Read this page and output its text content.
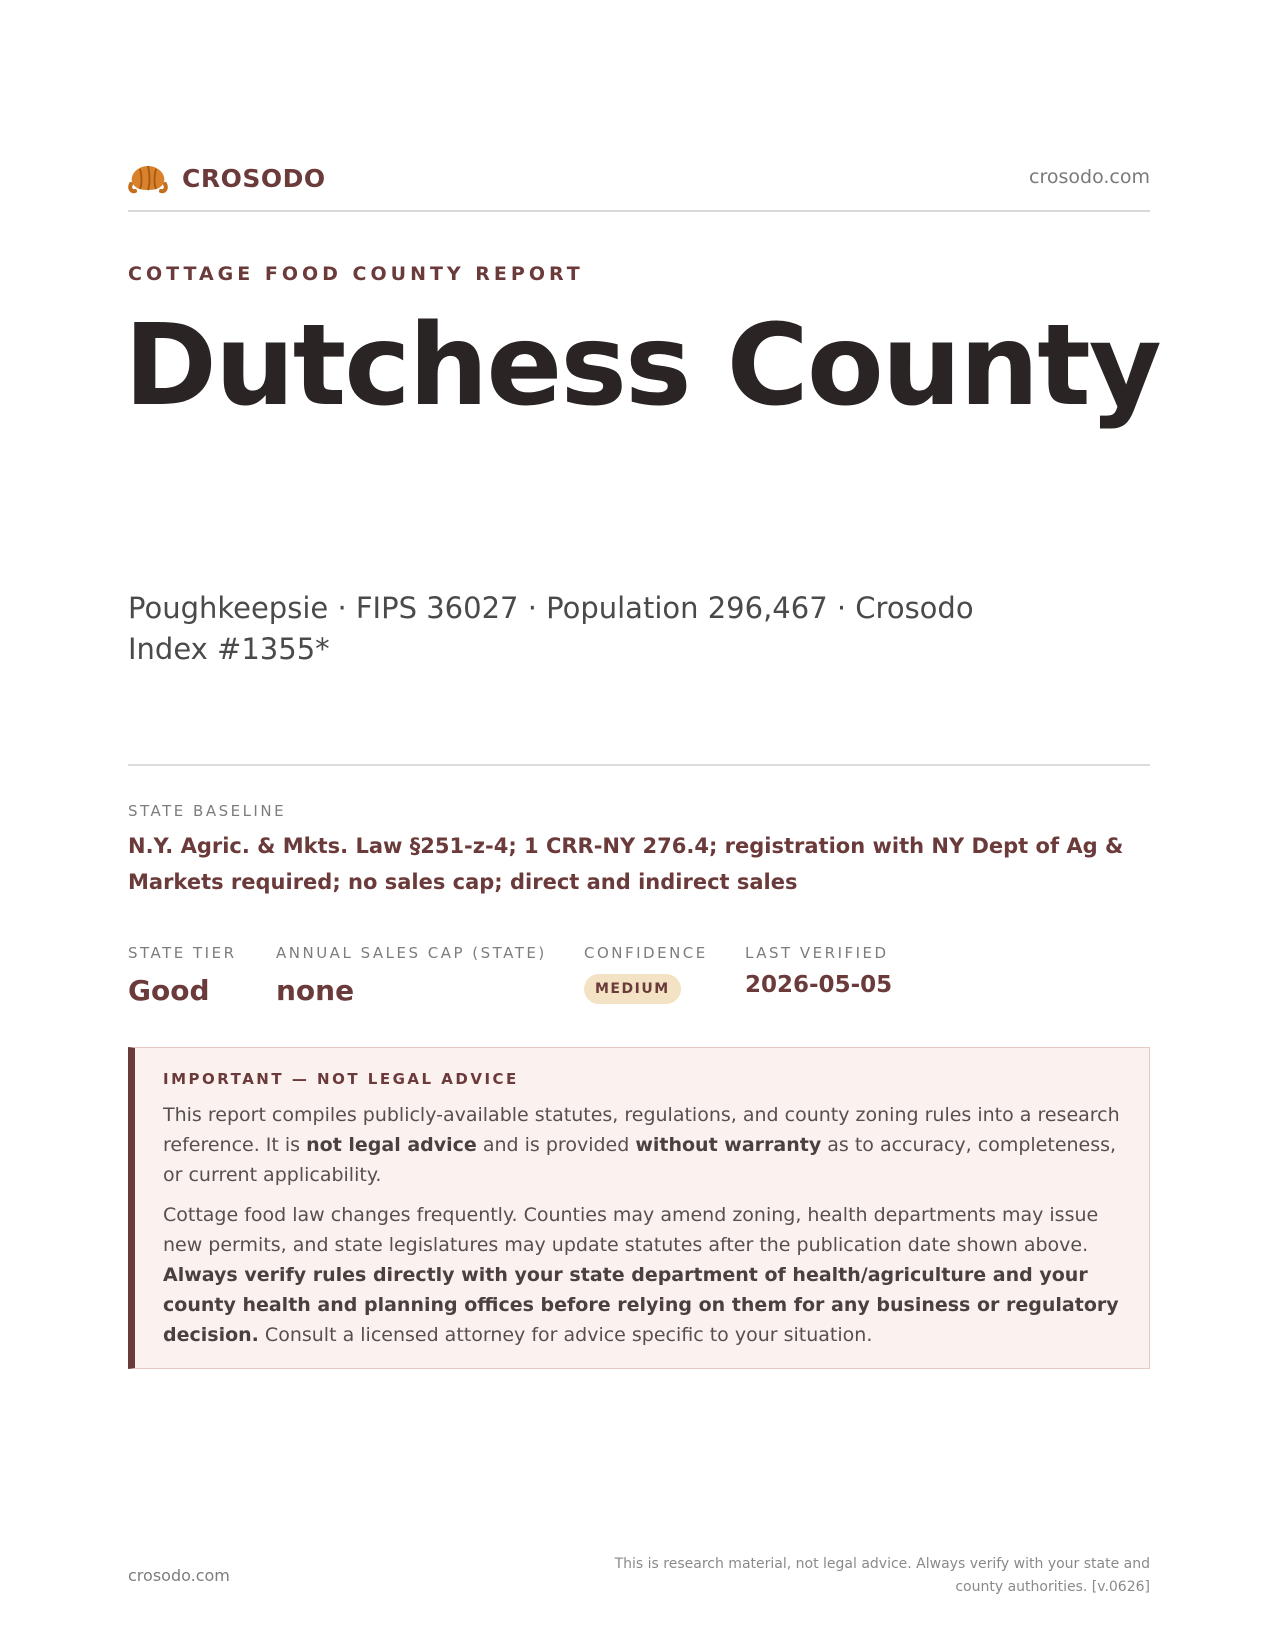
CROSODO	crosodo.com
COTTAGE FOOD COUNTY REPORT
Dutchess County
Poughkeepsie · FIPS 36027 · Population 296,467 · Crosodo Index #1355*
STATE BASELINE
N.Y. Agric. & Mkts. Law §251-z-4; 1 CRR-NY 276.4; registration with NY Dept of Ag & Markets required; no sales cap; direct and indirect sales
STATE TIER
Good
ANNUAL SALES CAP (STATE)
none
CONFIDENCE
MEDIUM
LAST VERIFIED
2026-05-05
IMPORTANT — NOT LEGAL ADVICE

This report compiles publicly-available statutes, regulations, and county zoning rules into a research reference. It is not legal advice and is provided without warranty as to accuracy, completeness, or current applicability.

Cottage food law changes frequently. Counties may amend zoning, health departments may issue new permits, and state legislatures may update statutes after the publication date shown above. Always verify rules directly with your state department of health/agriculture and your county health and planning offices before relying on them for any business or regulatory decision. Consult a licensed attorney for advice specific to your situation.

crosodo.com
This is research material, not legal advice. Always verify with your state and county authorities. [v.0626]
